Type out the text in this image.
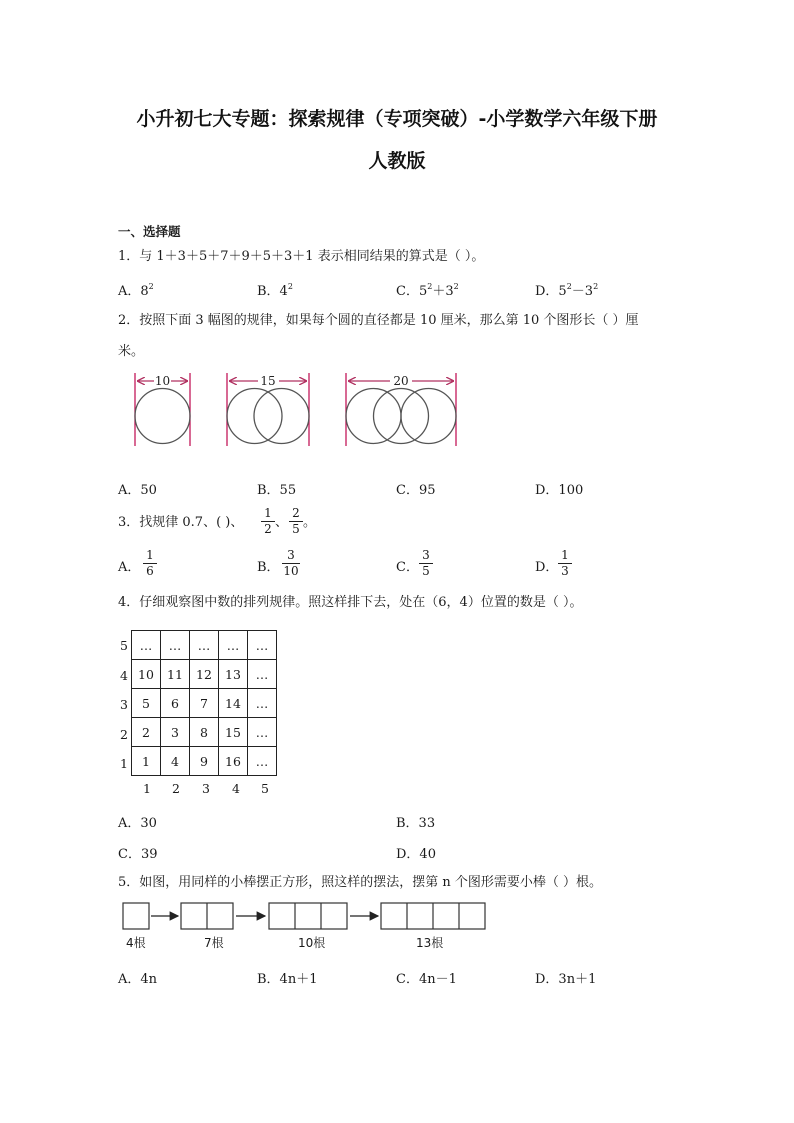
小升初七大专题：探索规律（专项突破）-小学数学六年级下册
人教版
一、选择题
1．与 1＋3＋5＋7＋9＋5＋3＋1 表示相同结果的算式是（ ）。
A．$8^2$	B．$4^2$	C．$5^2+3^2$	D．$5^2-3^2$
2．按照下面 3 幅图的规律，如果每个圆的直径都是 10 厘米，那么第 10 个图形长（ ）厘
米。
10	15	20
A．50	B．55	C．95	D．100
3．找规律 0.7、( )、
1
2 、
2
5 。
A．
1
6	B．
3
10	C．
3
5	D．
1
3
4．仔细观察图中数的排列规律。照这样排下去，处在（6，4）位置的数是（ ）。
…	…	…	…	…
10	11	12	13	…
5	6	7	14	…
2	3	8	15	…
1	4	9	16	…
5
4
3
2
1
1	2	3	4	5
A．30	B．33
C．39	D．40
5．如图，用同样的小棒摆正方形，照这样的摆法，摆第 n 个图形需要小棒（ ）根。
4根	7根	10根	13根
A．4n	B．4n＋1	C．4n－1	D．3n＋1
